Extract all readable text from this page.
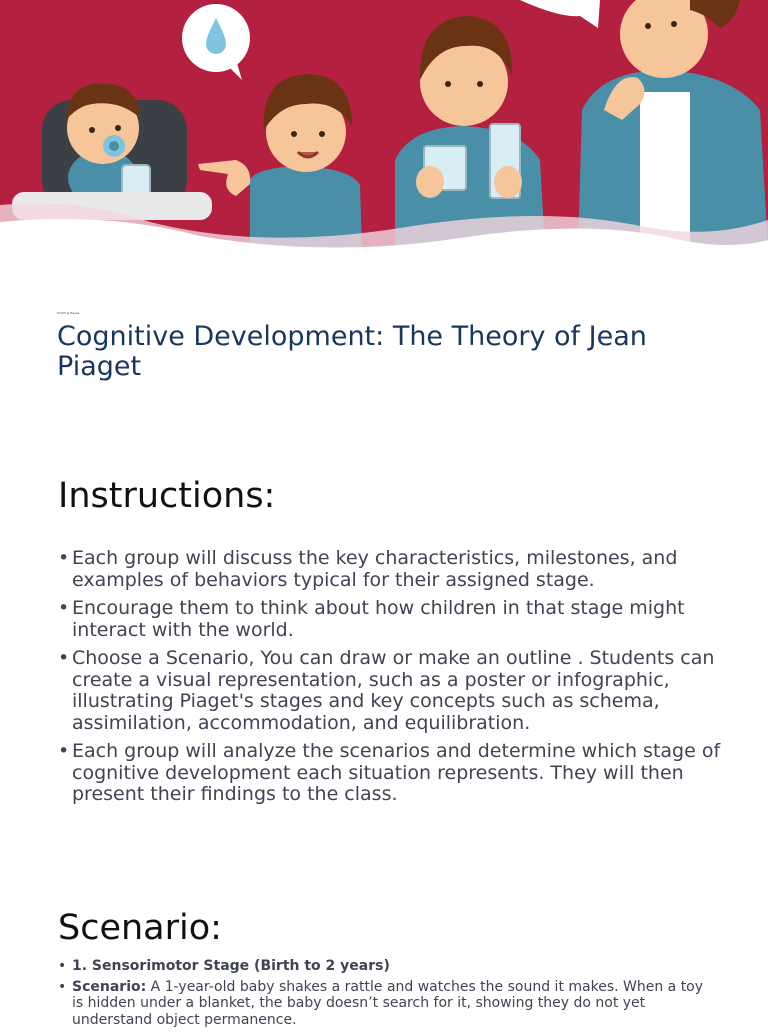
Smith & Hayes
Cognitive Development: The Theory of Jean Piaget
Instructions:
• Each group will discuss the key characteristics, milestones, and examples of behaviors typical for their assigned stage.
• Encourage them to think about how children in that stage might interact with the world.
• Choose a Scenario, You can draw or make an outline . Students can create a visual representation, such as a poster or infographic, illustrating Piaget's stages and key concepts such as schema, assimilation, accommodation, and equilibration.
• Each group will analyze the scenarios and determine which stage of cognitive development each situation represents. They will then present their findings to the class.
Scenario:
• 1. Sensorimotor Stage (Birth to 2 years)
• Scenario: A 1-year-old baby shakes a rattle and watches the sound it makes. When a toy is hidden under a blanket, the baby doesn’t search for it, showing they do not yet understand object permanence.
